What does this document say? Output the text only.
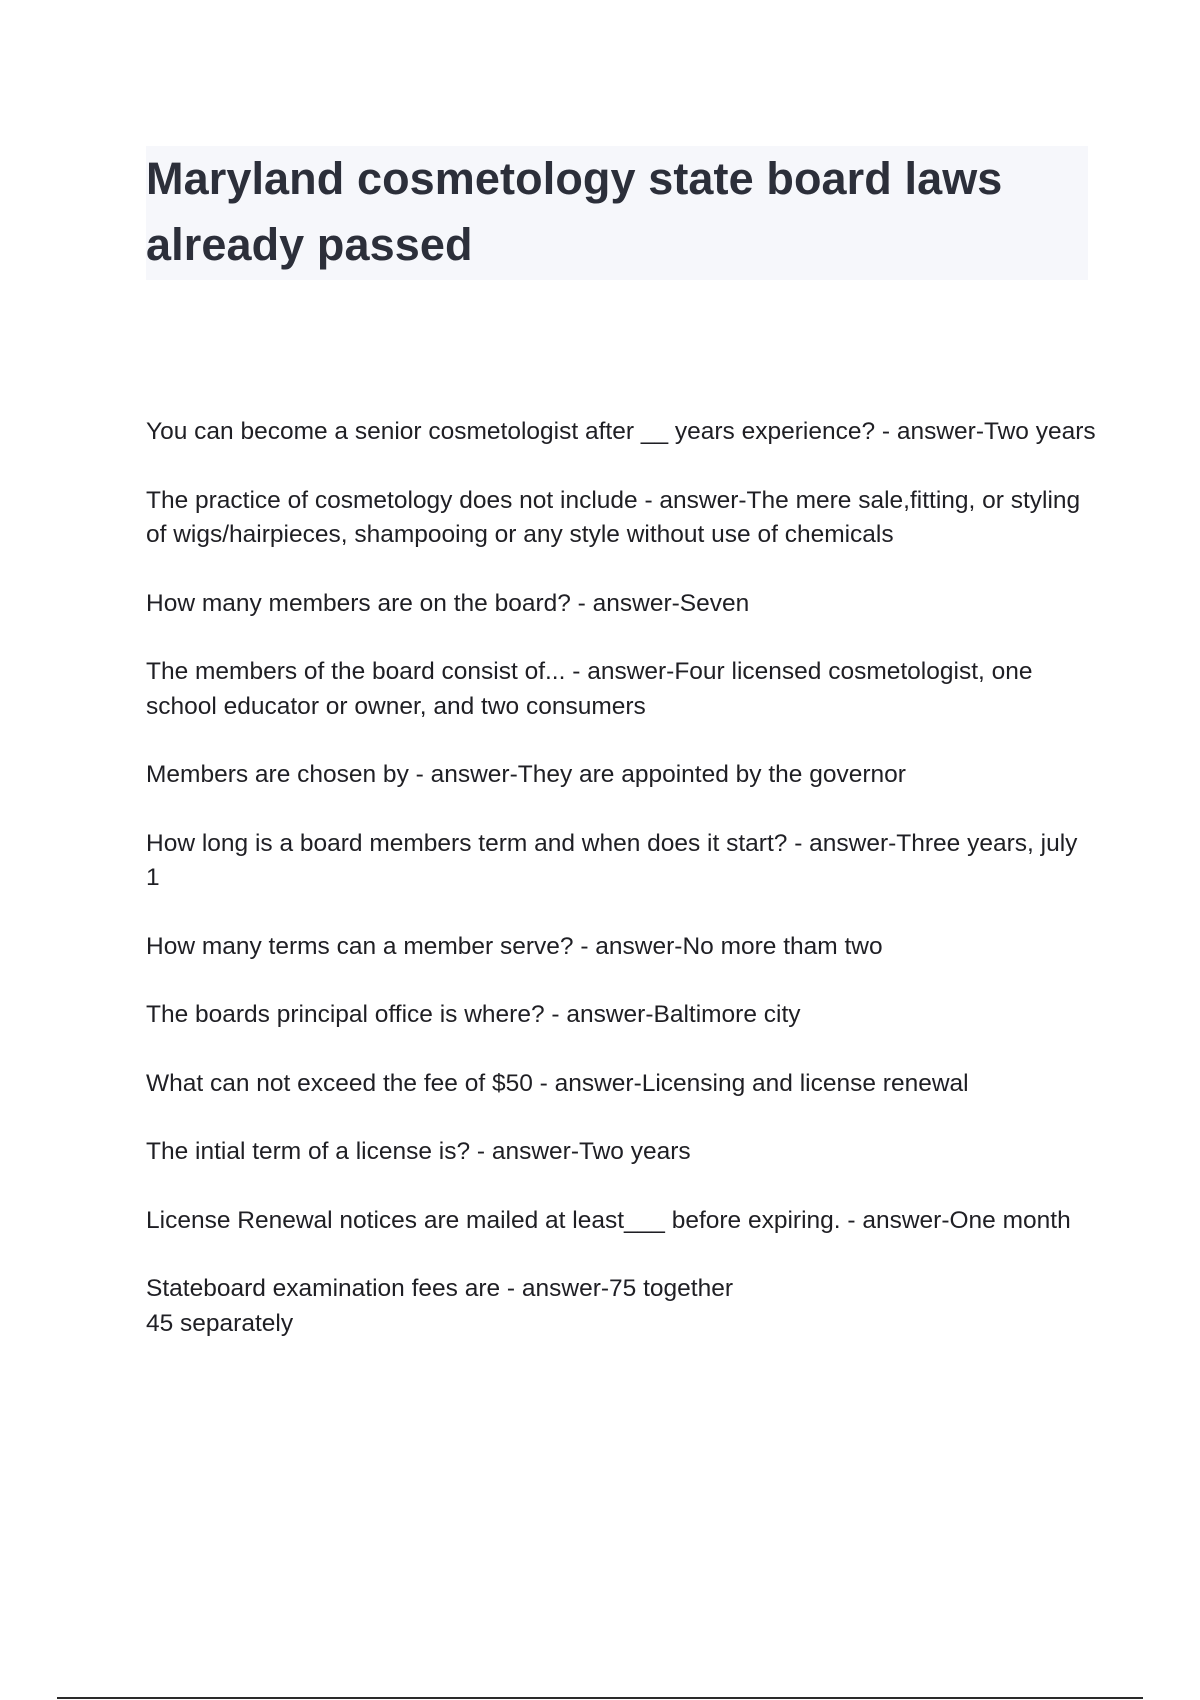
Maryland cosmetology state board laws already passed
You can become a senior cosmetologist after __ years experience? - answer-Two years
The practice of cosmetology does not include - answer-The mere sale,fitting, or styling of wigs/hairpieces, shampooing or any style without use of chemicals
How many members are on the board? - answer-Seven
The members of the board consist of... - answer-Four licensed cosmetologist, one school educator or owner, and two consumers
Members are chosen by - answer-They are appointed by the governor
How long is a board members term and when does it start? - answer-Three years, july 1
How many terms can a member serve? - answer-No more tham two
The boards principal office is where? - answer-Baltimore city
What can not exceed the fee of $50 - answer-Licensing and license renewal
The intial term of a license is? - answer-Two years
License Renewal notices are mailed at least___ before expiring. - answer-One month
Stateboard examination fees are - answer-75 together
45 separately
